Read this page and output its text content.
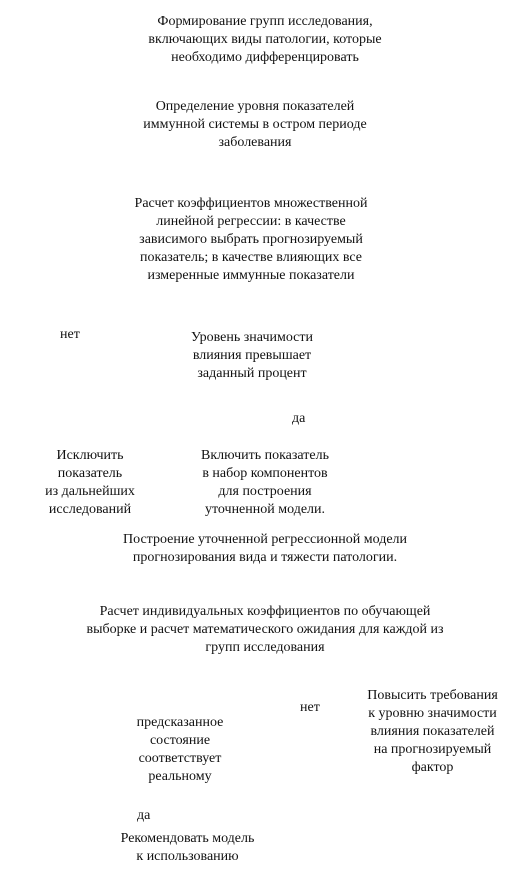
Формирование групп исследования,
включающих виды патологии, которые
необходимо дифференцировать

Определение уровня показателей
иммунной системы в остром периоде
заболевания

Расчет коэффициентов множественной
линейной регрессии: в качестве
зависимого выбрать прогнозируемый
показатель; в качестве влияющих все
измеренные иммунные показатели

нет	Уровень значимости
влияния превышает
заданный процент

да

Исключить
показатель
из дальнейших
исследований

Включить показатель
в набор компонентов
для построения
уточненной модели.

Построение уточненной регрессионной модели
прогнозирования вида и тяжести патологии.

Расчет индивидуальных коэффициентов по обучающей
выборке и расчет математического ожидания для каждой из
групп исследования

нет

Повысить требования
к уровню значимости
влияния показателей
на прогнозируемый
фактор

предсказанное
состояние
соответствует
реальному

да

Рекомендовать модель
к использованию
